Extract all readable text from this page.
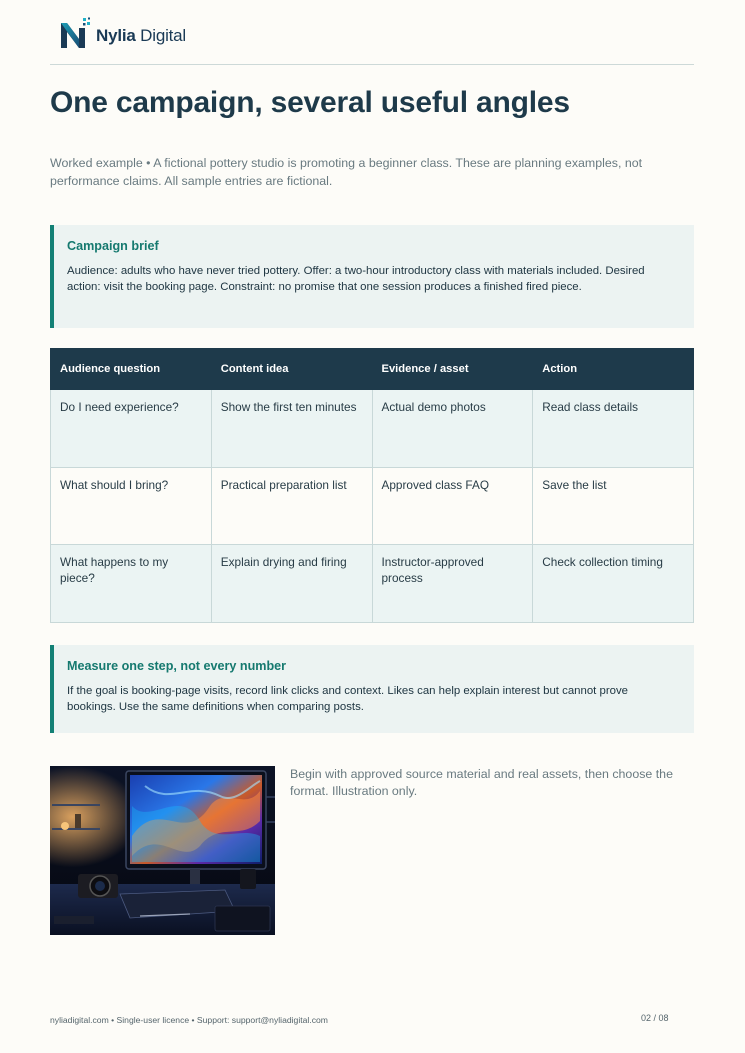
Nylia Digital
One campaign, several useful angles

Worked example • A fictional pottery studio is promoting a beginner class. These are planning examples, not performance claims. All sample entries are fictional.

Campaign brief
Audience: adults who have never tried pottery. Offer: a two-hour introductory class with materials included. Desired action: visit the booking page. Constraint: no promise that one session produces a finished fired piece.
Audience question	Content idea	Evidence / asset	Action
Do I need experience?	Show the first ten minutes	Actual demo photos	Read class details
What should I bring?	Practical preparation list	Approved class FAQ	Save the list
What happens to my piece?	Explain drying and firing	Instructor-approved process	Check collection timing
Measure one step, not every number
If the goal is booking-page visits, record link clicks and context. Likes can help explain interest but cannot prove bookings. Use the same definitions when comparing posts.

Begin with approved source material and real assets, then choose the format. Illustration only.

nyliadigital.com • Single-user licence • Support: support@nyliadigital.com	02 / 08
